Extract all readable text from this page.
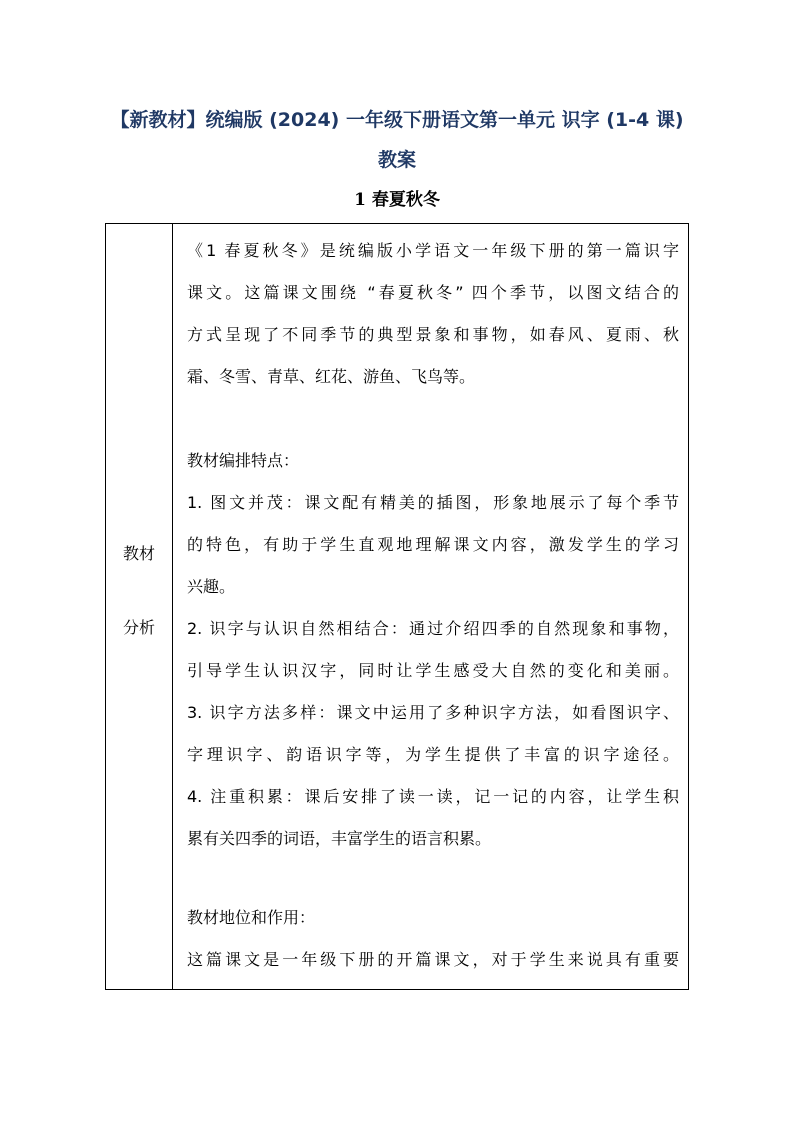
【新教材】统编版 (2024) 一年级下册语文第一单元 识字 (1-4 课)
教案
1 春夏秋冬
教材
分析
《1 春夏秋冬》是统编版小学语文一年级下册的第一篇识字
课文。这篇课文围绕 “春夏秋冬” 四个季节，以图文结合的
方式呈现了不同季节的典型景象和事物，如春风、夏雨、秋
霜、冬雪、青草、红花、游鱼、飞鸟等。
教材编排特点：
1. 图文并茂：课文配有精美的插图，形象地展示了每个季节
的特色，有助于学生直观地理解课文内容，激发学生的学习
兴趣。
2. 识字与认识自然相结合：通过介绍四季的自然现象和事物，
引导学生认识汉字，同时让学生感受大自然的变化和美丽。
3. 识字方法多样：课文中运用了多种识字方法，如看图识字、
字理识字、韵语识字等，为学生提供了丰富的识字途径。
4. 注重积累：课后安排了读一读，记一记的内容，让学生积
累有关四季的词语，丰富学生的语言积累。
教材地位和作用：
这篇课文是一年级下册的开篇课文，对于学生来说具有重要
